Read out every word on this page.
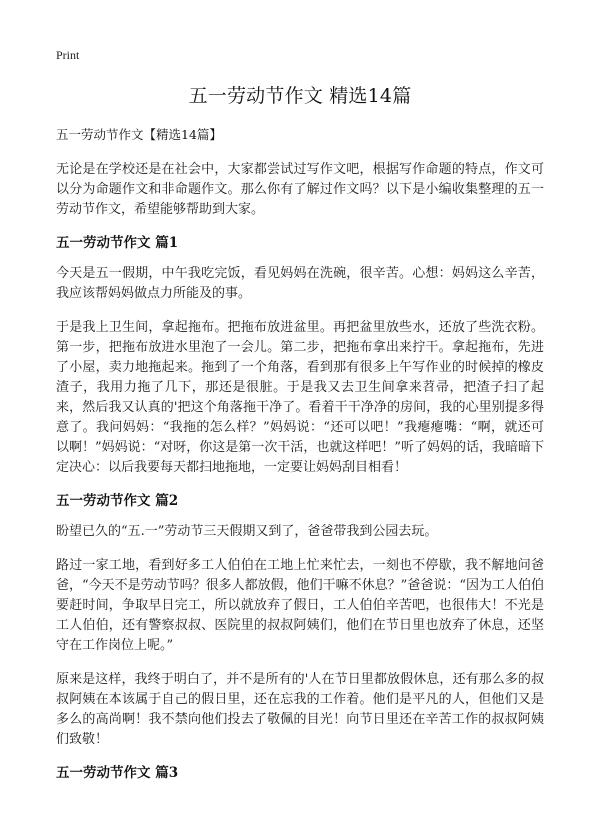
Print
五一劳动节作文 精选14篇
五一劳动节作文【精选14篇】

无论是在学校还是在社会中，大家都尝试过写作文吧，根据写作命题的特点，作文可以分为命题作文和非命题作文。那么你有了解过作文吗？以下是小编收集整理的五一劳动节作文，希望能够帮助到大家。

五一劳动节作文 篇1

今天是五一假期，中午我吃完饭，看见妈妈在洗碗，很辛苦。心想：妈妈这么辛苦，我应该帮妈妈做点力所能及的事。

于是我上卫生间，拿起拖布。把拖布放进盆里。再把盆里放些水，还放了些洗衣粉。第一步，把拖布放进水里泡了一会儿。第二步，把拖布拿出来拧干。拿起拖布，先进了小屋，卖力地拖起来。拖到了一个角落，看到那有很多上午写作业的时候掉的橡皮渣子，我用力拖了几下，那还是很脏。于是我又去卫生间拿来苕帚，把渣子扫了起来，然后我又认真的'把这个角落拖干净了。看着干干净净的房间，我的心里别提多得意了。我问妈妈：“我拖的怎么样？”妈妈说：“还可以吧！”我瘪瘪嘴：“啊，就还可以啊！”妈妈说：“对呀，你这是第一次干活，也就这样吧！”听了妈妈的话，我暗暗下定决心：以后我要每天都扫地拖地，一定要让妈妈刮目相看！

五一劳动节作文 篇2

盼望已久的“五.一”劳动节三天假期又到了，爸爸带我到公园去玩。

路过一家工地，看到好多工人伯伯在工地上忙来忙去，一刻也不停歇，我不解地问爸爸，“今天不是劳动节吗？很多人都放假，他们干嘛不休息？”爸爸说：“因为工人伯伯要赶时间，争取早日完工，所以就放弃了假日，工人伯伯辛苦吧，也很伟大！不光是工人伯伯，还有警察叔叔、医院里的叔叔阿姨们，他们在节日里也放弃了休息，还坚守在工作岗位上呢。”

原来是这样，我终于明白了，并不是所有的'人在节日里都放假休息，还有那么多的叔叔阿姨在本该属于自己的假日里，还在忘我的工作着。他们是平凡的人，但他们又是多么的高尚啊！我不禁向他们投去了敬佩的目光！向节日里还在辛苦工作的叔叔阿姨们致敬！

五一劳动节作文 篇3
